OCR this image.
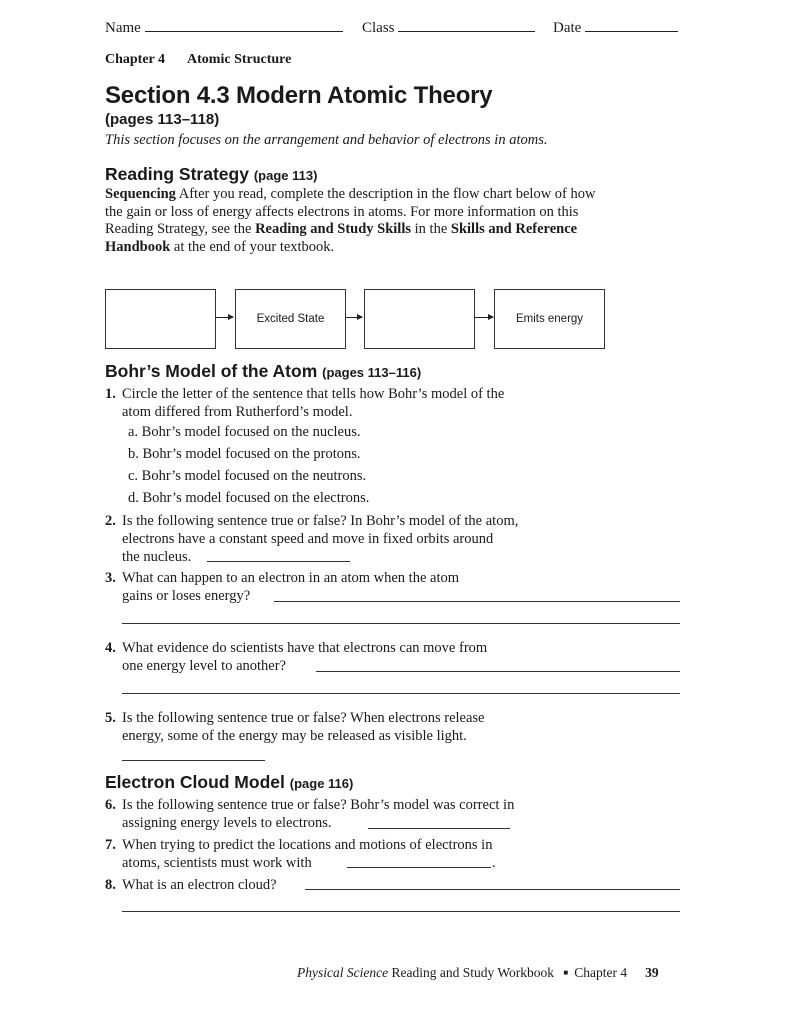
Name	Class	Date
Chapter 4 Atomic Structure
Section 4.3 Modern Atomic Theory
(pages 113–118)
This section focuses on the arrangement and behavior of electrons in atoms.
Reading Strategy (page 113)
Sequencing After you read, complete the description in the flow chart below of how the gain or loss of energy affects electrons in atoms. For more information on this Reading Strategy, see the Reading and Study Skills in the Skills and Reference Handbook at the end of your textbook.
Excited State	Emits energy
Bohr’s Model of the Atom (pages 113–116)
1. Circle the letter of the sentence that tells how Bohr’s model of the
atom differed from Rutherford’s model.
a. Bohr’s model focused on the nucleus.
b. Bohr’s model focused on the protons.
c. Bohr’s model focused on the neutrons.
d. Bohr’s model focused on the electrons.
2. Is the following sentence true or false? In Bohr’s model of the atom,
electrons have a constant speed and move in fixed orbits around
the nucleus.
3. What can happen to an electron in an atom when the atom
gains or loses energy?
4. What evidence do scientists have that electrons can move from
one energy level to another?
5. Is the following sentence true or false? When electrons release
energy, some of the energy may be released as visible light.
Electron Cloud Model (page 116)
6. Is the following sentence true or false? Bohr’s model was correct in
assigning energy levels to electrons.
7. When trying to predict the locations and motions of electrons in
atoms, scientists must work with	.
8. What is an electron cloud?
Physical Science Reading and Study Workbook ■ Chapter 4 39
